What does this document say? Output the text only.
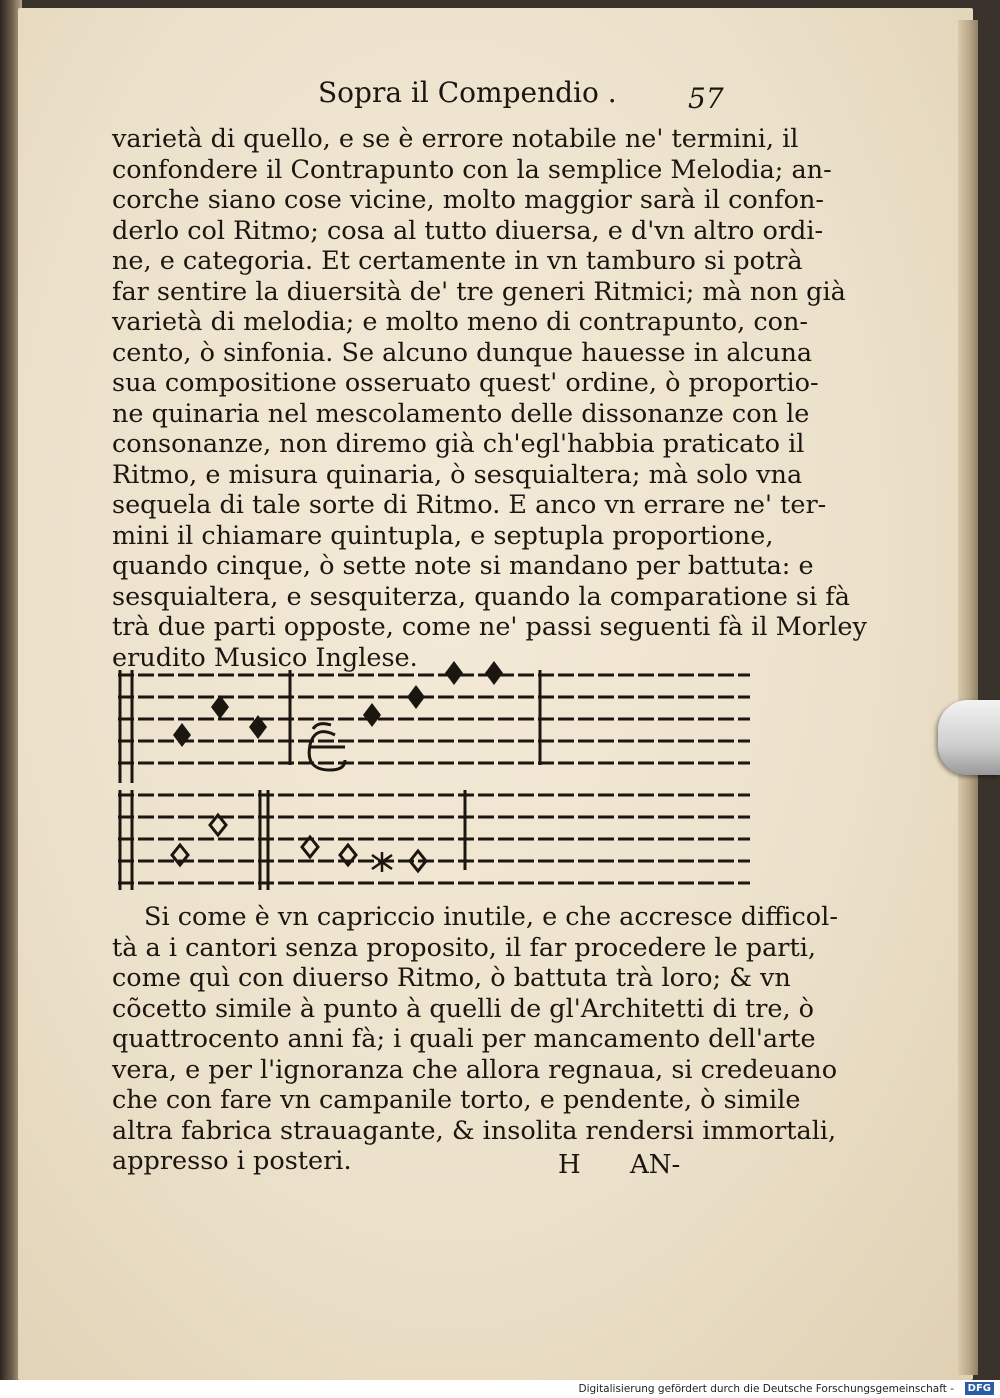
Sopra il Compendio .	57
varietà di quello, e se è errore notabile ne' termini, il
confondere il Contrapunto con la semplice Melodia; an-
corche siano cose vicine, molto maggior sarà il confon-
derlo col Ritmo; cosa al tutto diuersa, e d'vn altro ordi-
ne, e categoria. Et certamente in vn tamburo si potrà
far sentire la diuersità de' tre generi Ritmici; mà non già
varietà di melodia; e molto meno di contrapunto, con-
cento, ò sinfonia. Se alcuno dunque hauesse in alcuna
sua compositione osseruato quest' ordine, ò proportio-
ne quinaria nel mescolamento delle dissonanze con le
consonanze, non diremo già ch'egl'habbia praticato il
Ritmo, e misura quinaria, ò sesquialtera; mà solo vna
sequela di tale sorte di Ritmo. E anco vn errare ne' ter-
mini il chiamare quintupla, e septupla proportione,
quando cinque, ò sette note si mandano per battuta: e
sesquialtera, e sesquiterza, quando la comparatione si fà
trà due parti opposte, come ne' passi seguenti fà il Morley
erudito Musico Inglese.
Si come è vn capriccio inutile, e che accresce difficol-
tà a i cantori senza proposito, il far procedere le parti,
come quì con diuerso Ritmo, ò battuta trà loro; & vn
cõcetto simile à punto à quelli de gl'Architetti di tre, ò
quattrocento anni fà; i quali per mancamento dell'arte
vera, e per l'ignoranza che allora regnaua, si credeuano
che con fare vn campanile torto, e pendente, ò simile
altra fabrica strauagante, & insolita rendersi immortali,
appresso i posteri.	H AN-
Digitalisierung gefördert durch die Deutsche Forschungsgemeinschaft -	DFG
